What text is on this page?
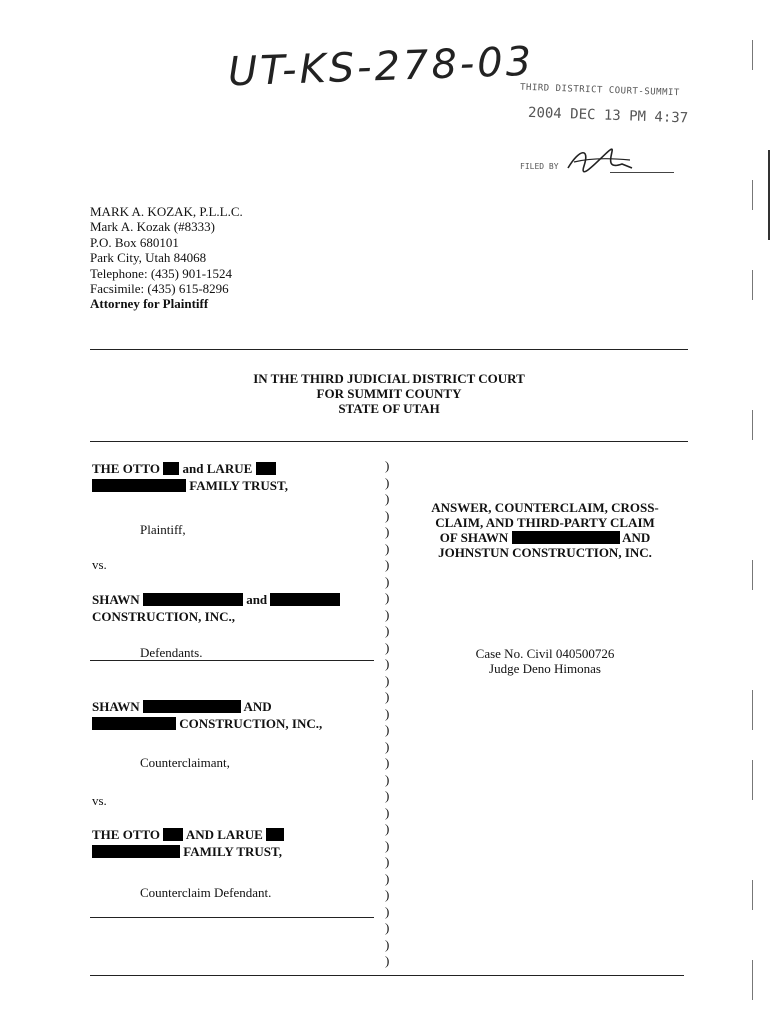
UT-KS-278-03
THIRD DISTRICT COURT-SUMMIT
2004 DEC 13 PM 4:37
FILED BY
MARK A. KOZAK, P.L.L.C.
Mark A. Kozak (#8333)
P.O. Box 680101
Park City, Utah 84068
Telephone: (435) 901-1524
Facsimile: (435) 615-8296
Attorney for Plaintiff
IN THE THIRD JUDICIAL DISTRICT COURT
FOR SUMMIT COUNTY
STATE OF UTAH
THE OTTO and LARUE
FAMILY TRUST,
Plaintiff,
vs.
SHAWN	and
CONSTRUCTION, INC.,
Defendants.
SHAWN	AND
CONSTRUCTION, INC.,
Counterclaimant,
vs.
THE OTTO AND LARUE
FAMILY TRUST,
Counterclaim Defendant.
)
)
)
)
)
)
)
)
)
)
)
)
)
)
)
)
)
)
)
)
)
)
)
)
)
)
)
)
)
)
)

ANSWER, COUNTERCLAIM, CROSS-
CLAIM, AND THIRD-PARTY CLAIM
OF SHAWN	AND
JOHNSTUN CONSTRUCTION, INC.
Case No. Civil 040500726
Judge Deno Himonas
